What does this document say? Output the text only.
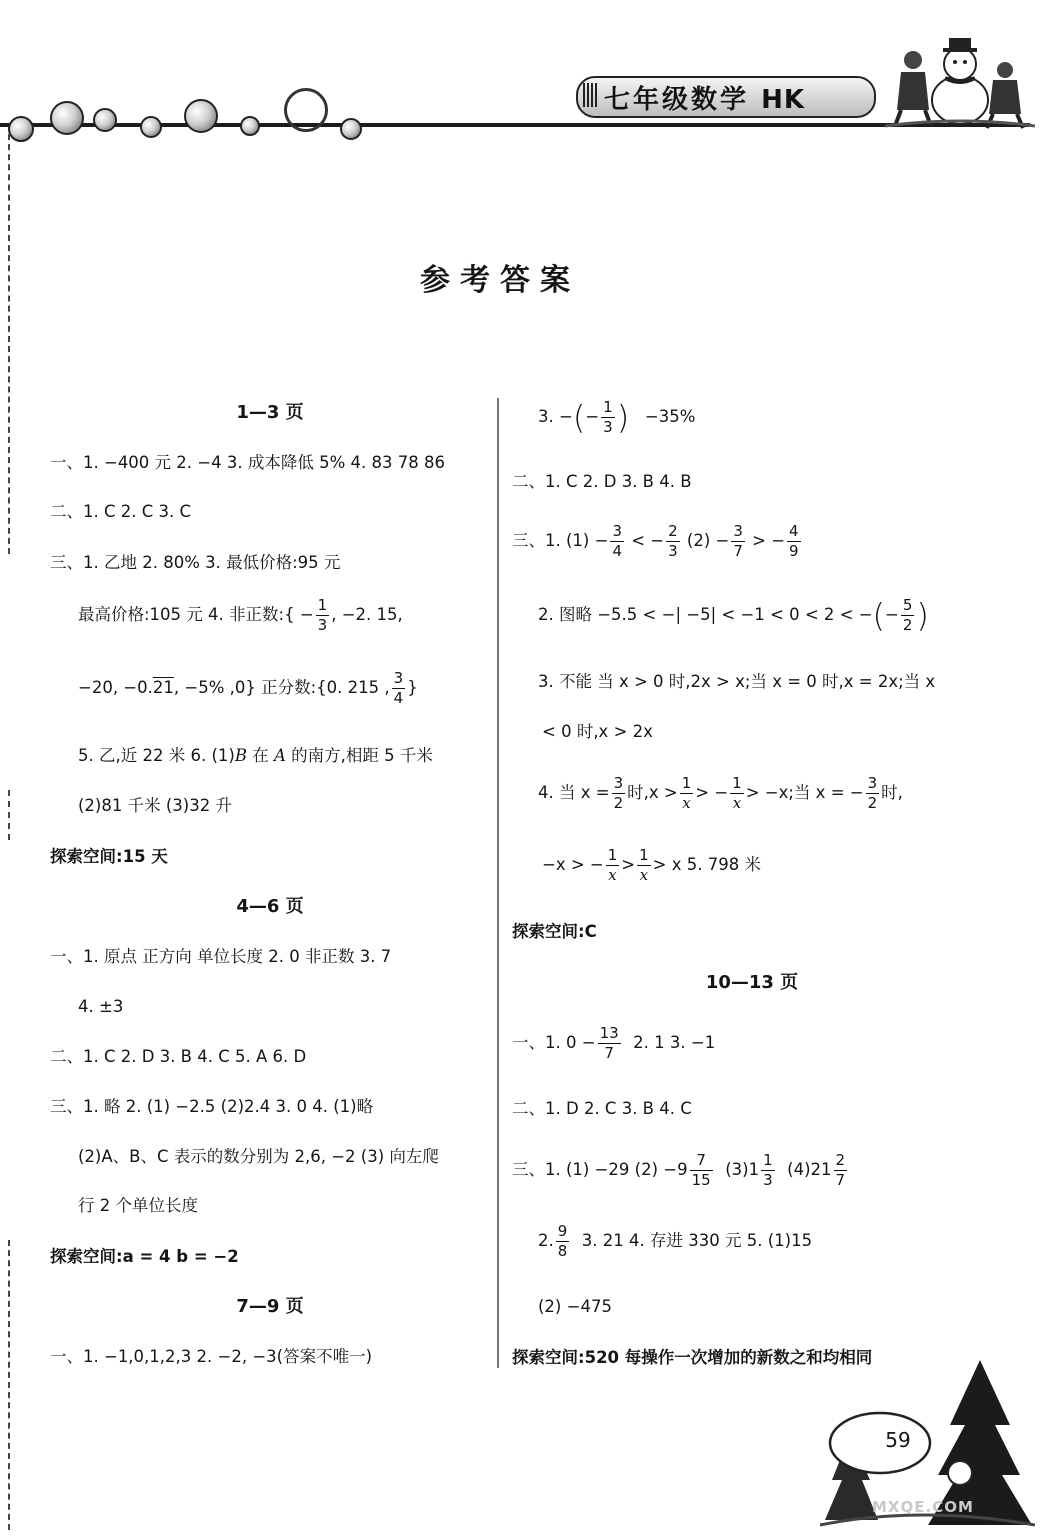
七年级数学 HK
参考答案
1—3 页
一、1. −400 元 2. −4 3. 成本降低 5% 4. 83 78 86
二、1. C 2. C 3. C
三、1. 乙地 2. 80% 3. 最低价格:95 元
最高价格:105 元 4. 非正数:{ − $\frac{1}{3}$ , −2. 15,
−20, −0.21, −5% ,0} 正分数:{0. 215 , $\frac{3}{4}$ }
5. 乙,近 22 米 6. (1)B 在 A 的南方,相距 5 千米
(2)81 千米 (3)32 升
探索空间:15 天
4—6 页
一、1. 原点 正方向 单位长度 2. 0 非正数 3. 7
4. ±3
二、1. C 2. D 3. B 4. C 5. A 6. D
三、1. 略 2. (1) −2.5 (2)2.4 3. 0 4. (1)略
(2)A、B、C 表示的数分别为 2,6, −2 (3) 向左爬
行 2 个单位长度
探索空间:a = 4 b = −2
7—9 页
一、1. −1,0,1,2,3 2. −2, −3(答案不唯一)
3. −(− $\frac{1}{3}$ ) −35%
二、1. C 2. D 3. B 4. B
三、1. $(1) - \frac{3}{4}$ < − $\frac{2}{3} (2) - \frac{3}{7}$ > − $\frac{4}{9}$
2. 图略 −5.5 < −| −5| < −1 < 0 < 2 < −(− $\frac{5}{2}$ )
3. 不能 当 x > 0 时,2x > x;当 x = 0 时,x = 2x;当 x
< 0 时,x > 2x
4. 当 $x = \frac{3}{2}$ 时$,x > \frac{1}{x}$ > − $\frac{1}{x} > -x$;当 x = − $\frac{3}{2}$ 时,
−x > − $\frac{1}{x} > \frac{1}{x} > x$ 5. 798 米
探索空间:C
10—13 页
一、1. $0 - \frac{13}{7} 2$. 1 3. −1
二、1. D 2. C 3. B 4. C
三、1. (1) −29 $(2) -9 \frac{7}{15} (3)1 \frac{1}{3} (4)21 \frac{2}{7}$
2. $\frac{9}{8} 3$. 21 4. 存进 330 元 5. (1)15
(2) −475
探索空间:520 每操作一次增加的新数之和均相同
59
MXQE.COM
